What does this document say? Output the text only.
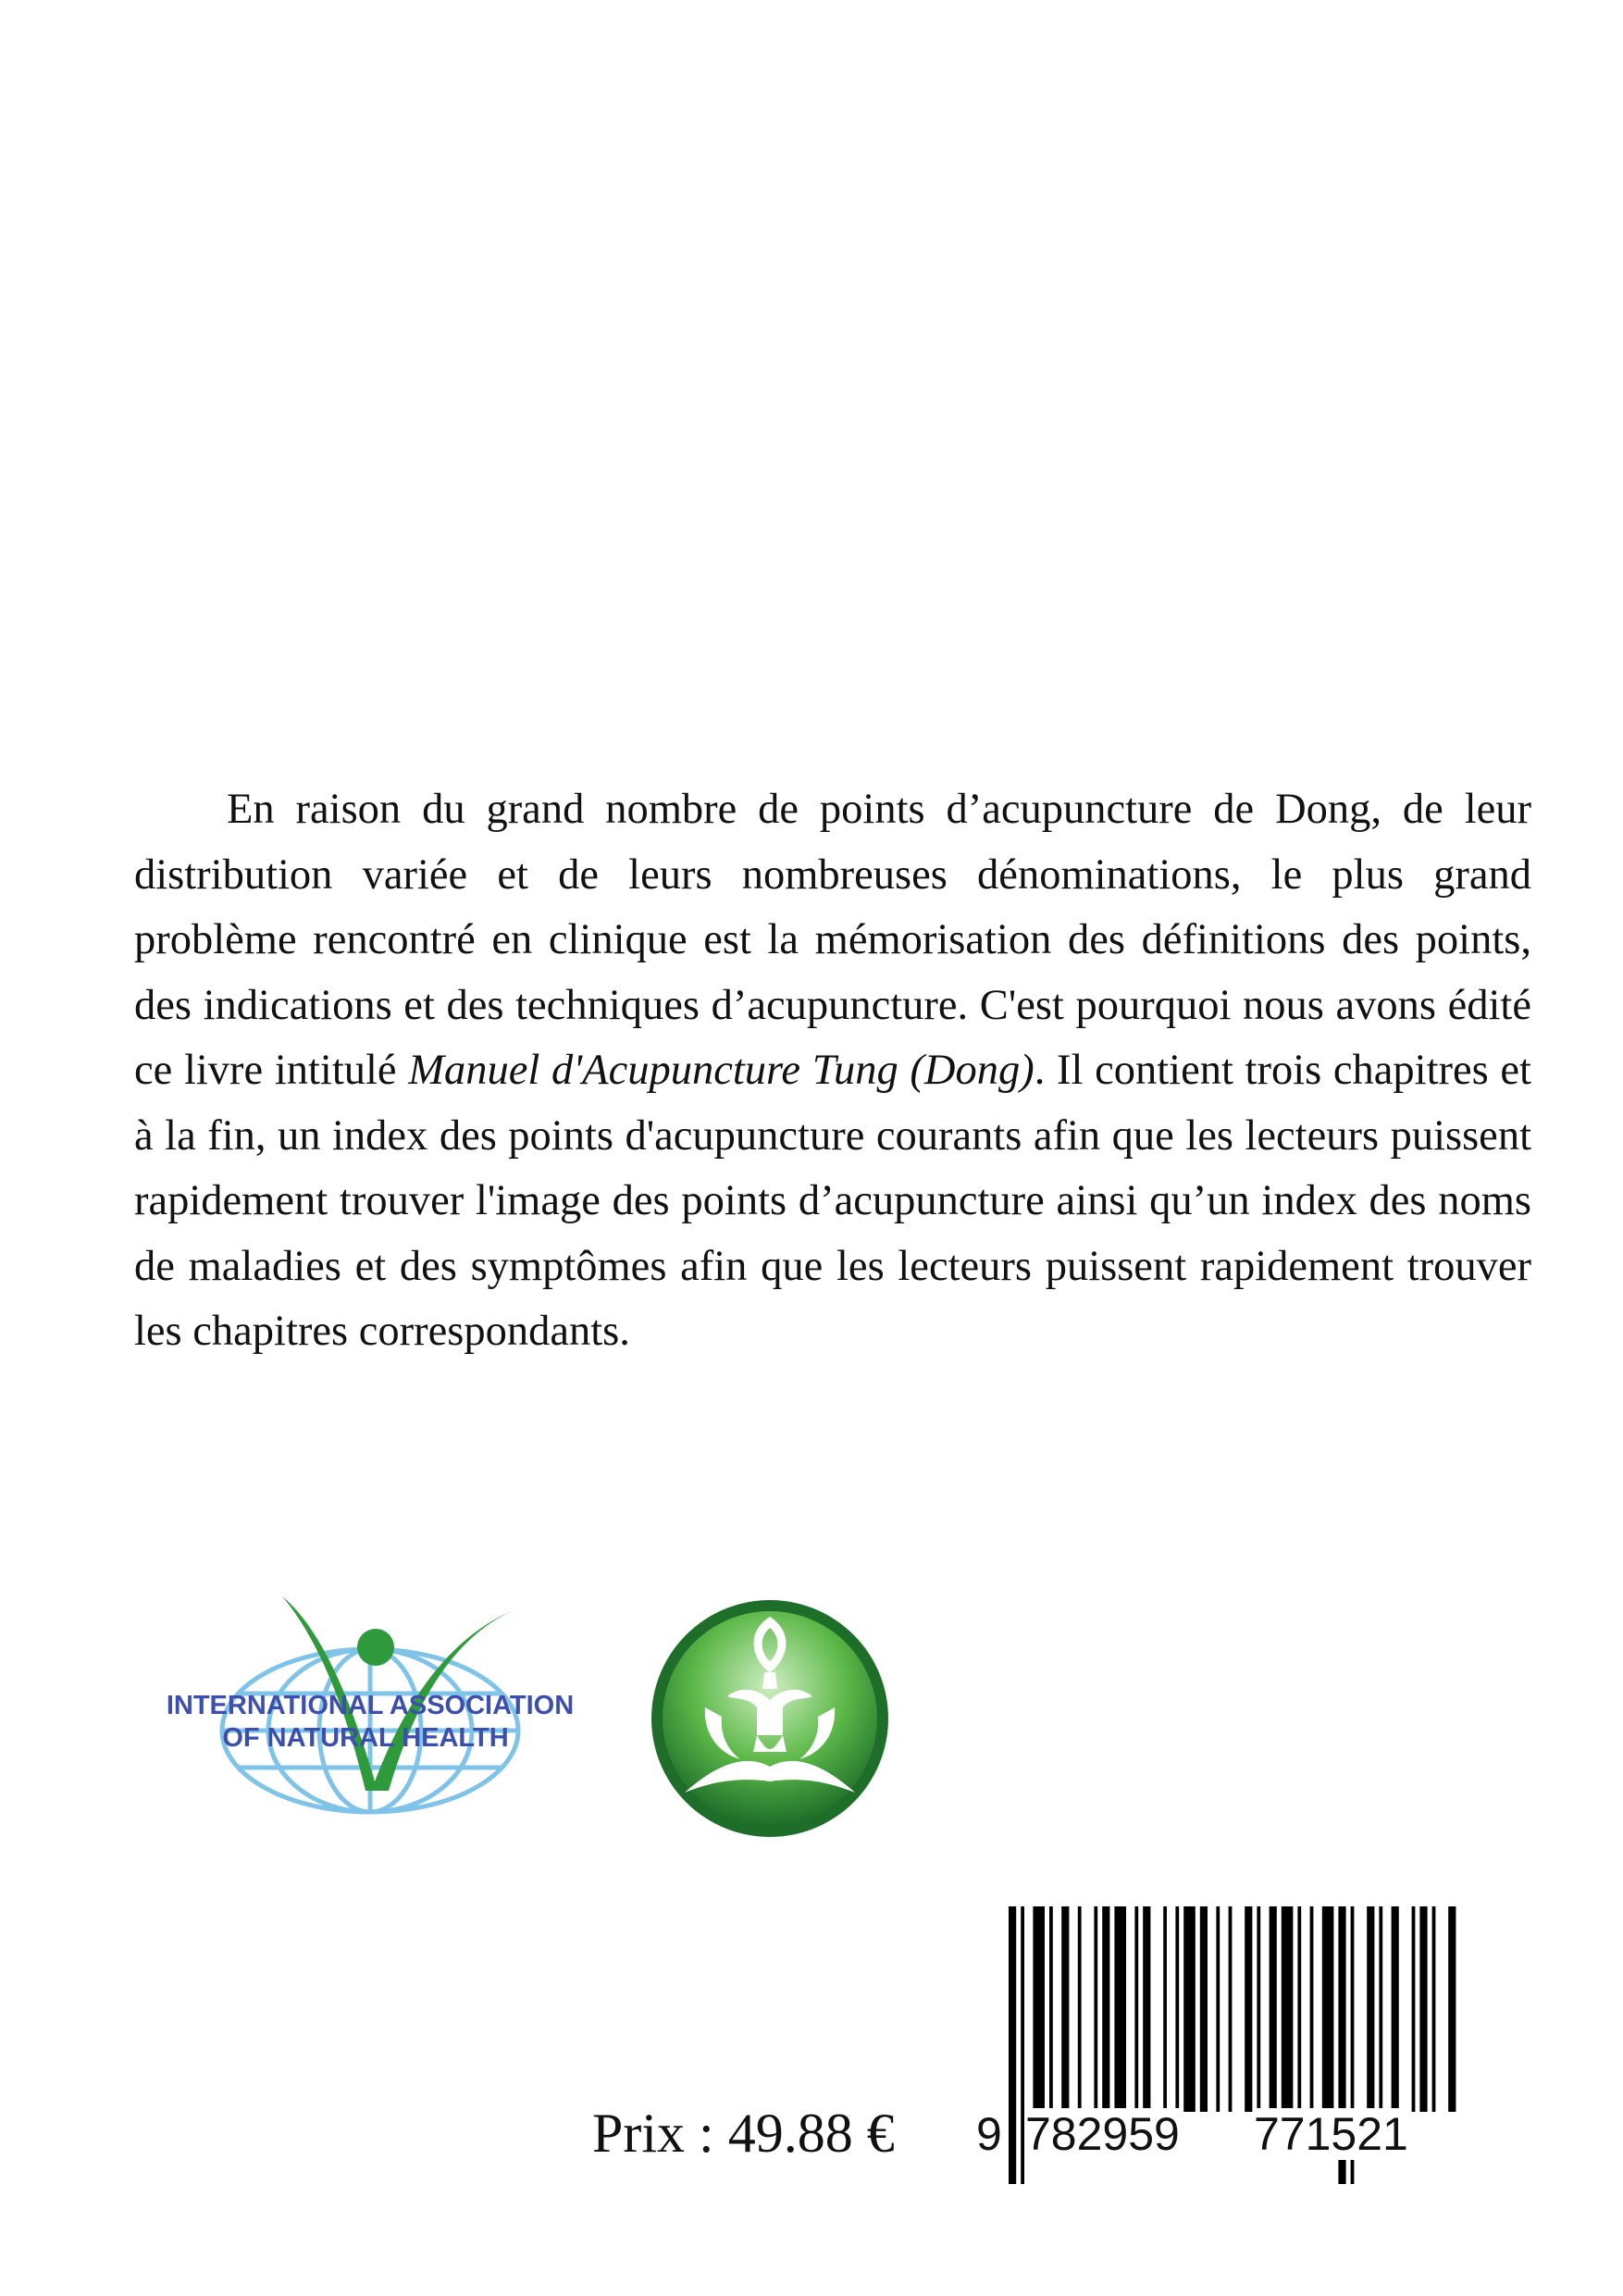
En raison du grand nombre de points d’acupuncture de Dong, de leur distribution variée et de leurs nombreuses dénominations, le plus grand problème rencontré en clinique est la mémorisation des définitions des points, des indications et des techniques d’acupuncture. C'est pourquoi nous avons édité ce livre intitulé Manuel d'Acupuncture Tung (Dong). Il contient trois chapitres et à la fin, un index des points d'acupuncture courants afin que les lecteurs puissent rapidement trouver l'image des points d’acupuncture ainsi qu’un index des noms de maladies et des symptômes afin que les lecteurs puissent rapidement trouver les chapitres correspondants.

INTERNATIONAL ASSOCIATION
OF NATURAL HEALTH
Prix : 49.88 € 9 782959 771521
